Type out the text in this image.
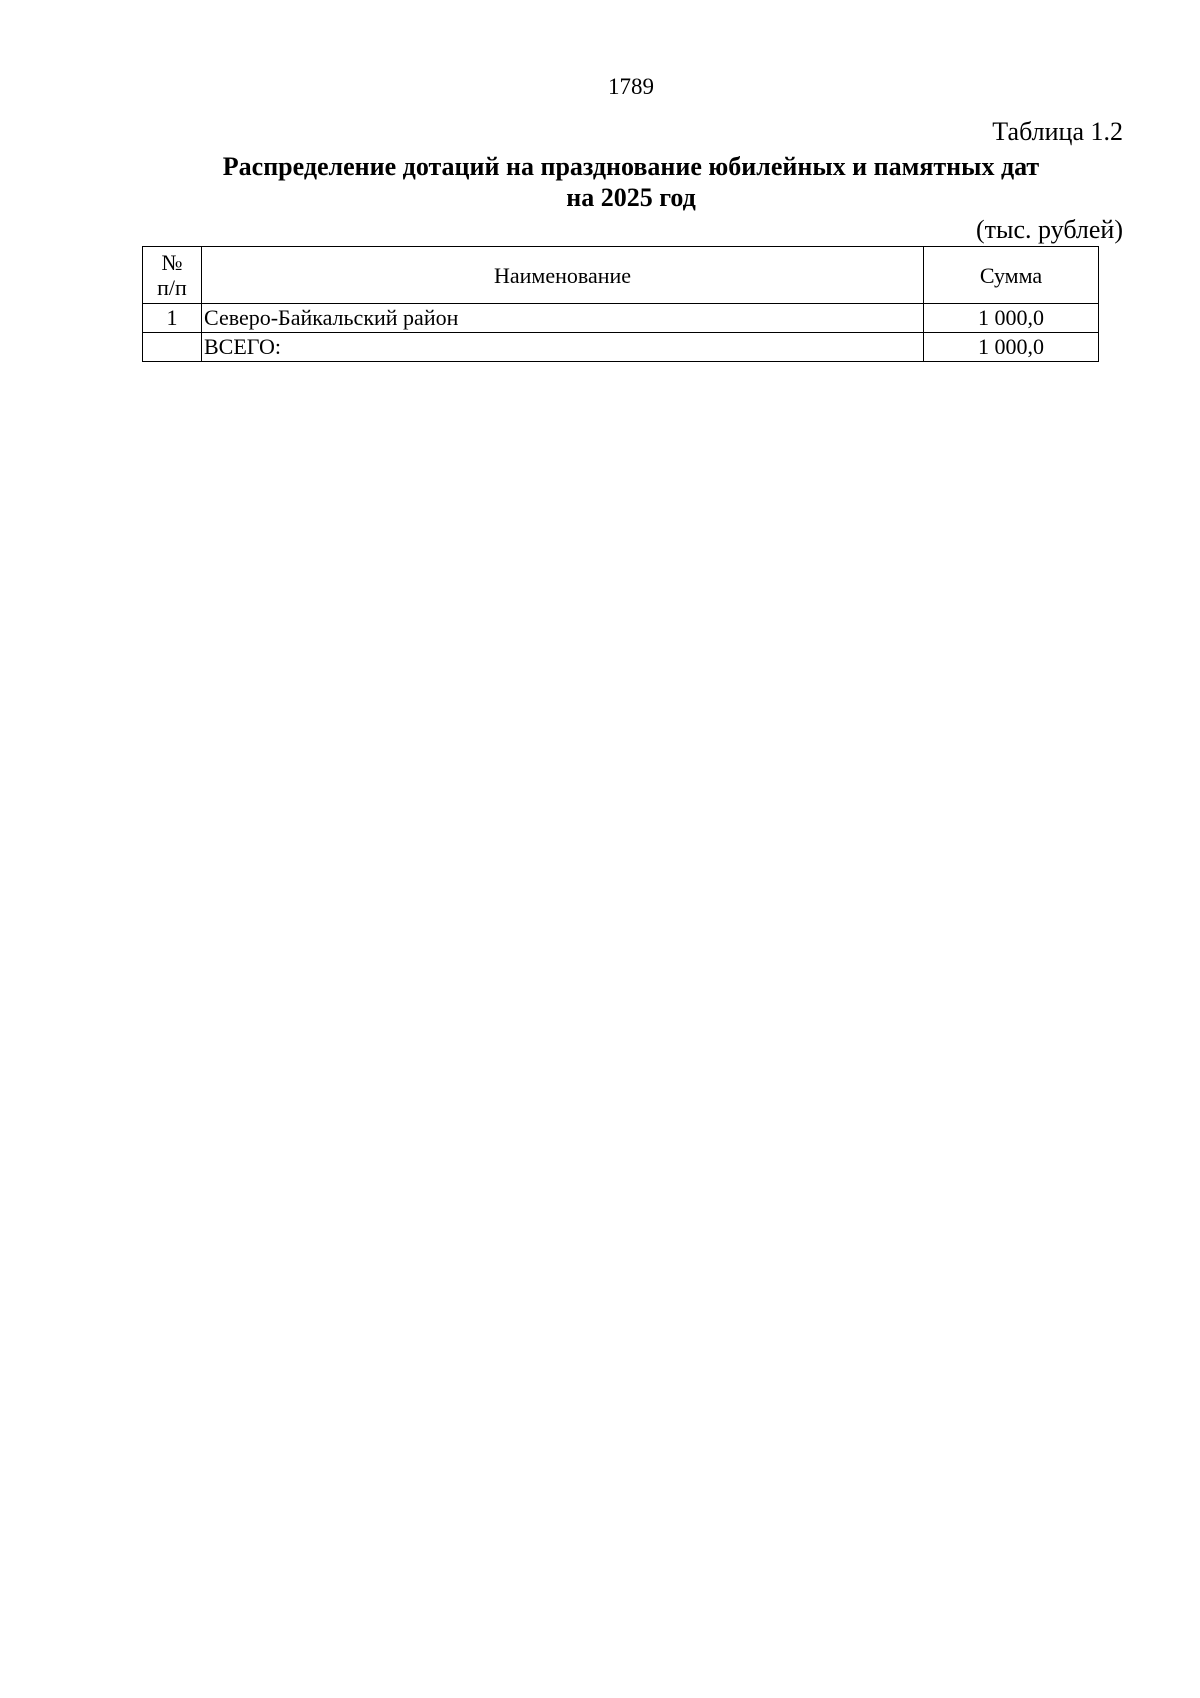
1789
Таблица 1.2
Распределение дотаций на празднование юбилейных и памятных дат
на 2025 год
(тыс. рублей)
№
п/п	Наименование	Сумма
1	Северо-Байкальский район	1 000,0
	ВСЕГО:	1 000,0
